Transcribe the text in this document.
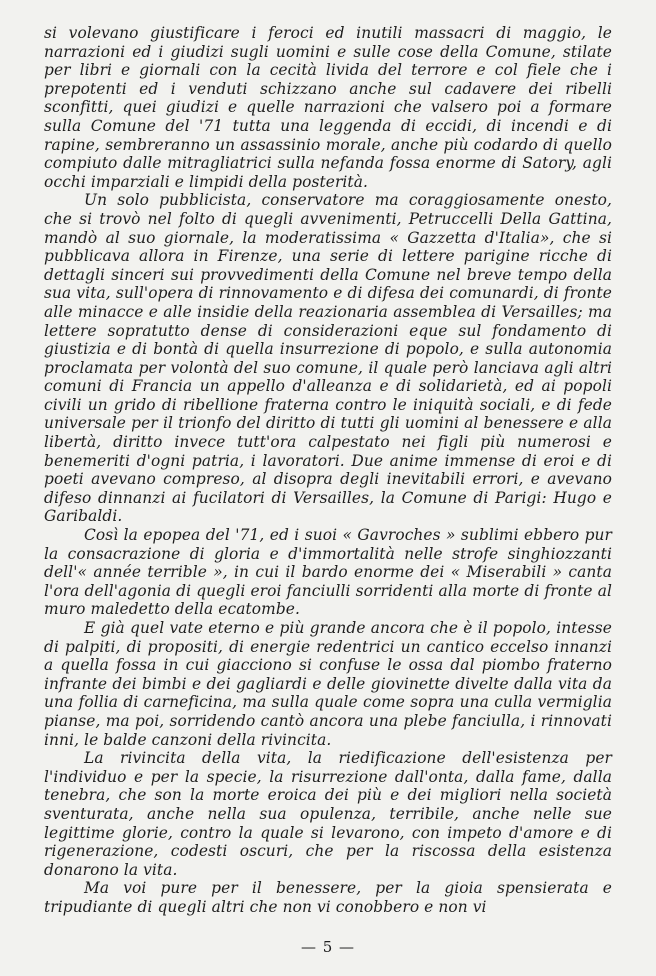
si volevano giustificare i feroci ed inutili massacri di maggio, le narrazioni ed i giudizi sugli uomini e sulle cose della Comune, stilate per libri e giornali con la cecità livida del terrore e col fiele che i prepotenti ed i venduti schizzano anche sul cadavere dei ribelli sconfitti, quei giudizi e quelle narrazioni che valsero poi a formare sulla Comune del '71 tutta una leggenda di eccidi, di incendi e di rapine, sembreranno un assassinio morale, anche più codardo di quello compiuto dalle mitragliatrici sulla nefanda fossa enorme di Satory, agli occhi imparziali e limpidi della posterità.

Un solo pubblicista, conservatore ma coraggiosamente onesto, che si trovò nel folto di quegli avvenimenti, Petruccelli Della Gattina, mandò al suo giornale, la moderatissima « Gazzetta d'Italia», che si pubblicava allora in Firenze, una serie di lettere parigine ricche di dettagli sinceri sui provvedimenti della Comune nel breve tempo della sua vita, sull'opera di rinnovamento e di difesa dei comunardi, di fronte alle minacce e alle insidie della reazionaria assemblea di Versailles; ma lettere sopratutto dense di considerazioni eque sul fondamento di giustizia e di bontà di quella insurrezione di popolo, e sulla autonomia proclamata per volontà del suo comune, il quale però lanciava agli altri comuni di Francia un appello d'alleanza e di solidarietà, ed ai popoli civili un grido di ribellione fraterna contro le iniquità sociali, e di fede universale per il trionfo del diritto di tutti gli uomini al benessere e alla libertà, diritto invece tutt'ora calpestato nei figli più numerosi e benemeriti d'ogni patria, i lavoratori. Due anime immense di eroi e di poeti avevano compreso, al disopra degli inevitabili errori, e avevano difeso dinnanzi ai fucilatori di Versailles, la Comune di Parigi: Hugo e Garibaldi.

Così la epopea del '71, ed i suoi « Gavroches » sublimi ebbero pur la consacrazione di gloria e d'immortalità nelle strofe singhiozzanti dell'« année terrible », in cui il bardo enorme dei « Miserabili » canta l'ora dell'agonia di quegli eroi fanciulli sorridenti alla morte di fronte al muro maledetto della ecatombe.

E già quel vate eterno e più grande ancora che è il popolo, intesse di palpiti, di propositi, di energie redentrici un cantico eccelso innanzi a quella fossa in cui giacciono si confuse le ossa dal piombo fraterno infrante dei bimbi e dei gagliardi e delle giovinette divelte dalla vita da una follia di carneficina, ma sulla quale come sopra una culla vermiglia pianse, ma poi, sorridendo cantò ancora una plebe fanciulla, i rinnovati inni, le balde canzoni della rivincita.

La rivincita della vita, la riedificazione dell'esistenza per l'individuo e per la specie, la risurrezione dall'onta, dalla fame, dalla tenebra, che son la morte eroica dei più e dei migliori nella società sventurata, anche nella sua opulenza, terribile, anche nelle sue legittime glorie, contro la quale si levarono, con impeto d'amore e di rigenerazione, codesti oscuri, che per la riscossa della esistenza donarono la vita.

Ma voi pure per il benessere, per la gioia spensierata e tripudiante di quegli altri che non vi conobbero e non vi

— 5 —
